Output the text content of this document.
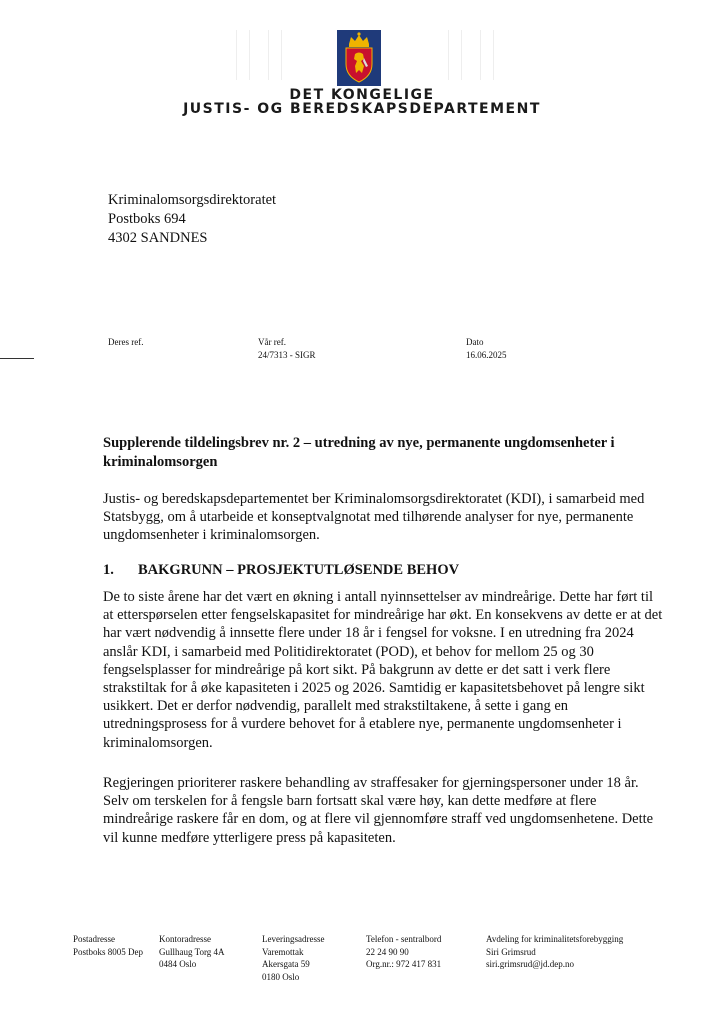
DET KONGELIGE
JUSTIS- OG BEREDSKAPSDEPARTEMENT
Kriminalomsorgsdirektoratet
Postboks 694
4302 SANDNES
Deres ref.	Vår ref.
24/7313 - SIGR
Dato
16.06.2025
Supplerende tildelingsbrev nr. 2 – utredning av nye, permanente ungdomsenheter i kriminalomsorgen
Justis- og beredskapsdepartementet ber Kriminalomsorgsdirektoratet (KDI), i samarbeid med Statsbygg, om å utarbeide et konseptvalgnotat med tilhørende analyser for nye, permanente ungdomsenheter i kriminalomsorgen.
1. BAKGRUNN – PROSJEKTUTLØSENDE BEHOV
De to siste årene har det vært en økning i antall nyinnsettelser av mindreårige. Dette har ført til at etterspørselen etter fengselskapasitet for mindreårige har økt. En konsekvens av dette er at det har vært nødvendig å innsette flere under 18 år i fengsel for voksne. I en utredning fra 2024 anslår KDI, i samarbeid med Politidirektoratet (POD), et behov for mellom 25 og 30 fengselsplasser for mindreårige på kort sikt. På bakgrunn av dette er det satt i verk flere strakstiltak for å øke kapasiteten i 2025 og 2026. Samtidig er kapasitetsbehovet på lengre sikt usikkert. Det er derfor nødvendig, parallelt med strakstiltakene, å sette i gang en utredningsprosess for å vurdere behovet for å etablere nye, permanente ungdomsenheter i kriminalomsorgen.
Regjeringen prioriterer raskere behandling av straffesaker for gjerningspersoner under 18 år. Selv om terskelen for å fengsle barn fortsatt skal være høy, kan dette medføre at flere mindreårige raskere får en dom, og at flere vil gjennomføre straff ved ungdomsenhetene. Dette vil kunne medføre ytterligere press på kapasiteten.
Postadresse
Postboks 8005 Dep
Kontoradresse
Gullhaug Torg 4A
0484 Oslo
Leveringsadresse
Varemottak
Akersgata 59
0180 Oslo
Telefon - sentralbord
22 24 90 90
Org.nr.: 972 417 831
Avdeling for kriminalitetsforebygging
Siri Grimsrud
siri.grimsrud@jd.dep.no
